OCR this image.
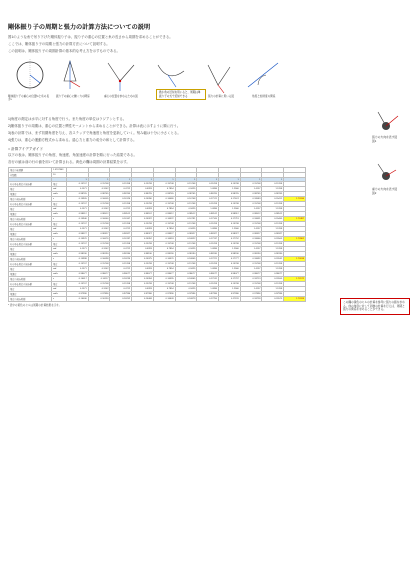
剛体振り子の周期と張力の計算方法についての説明
図1のような糸で吊り下げた剛体振り子は、振り子の重心の位置と糸の長さから周期を求めることができる。
ここでは、剛体振り子の周期と張力の計算方法について説明する。
この説明は、剛体振り子の周期計算の基本的な考え方を示すものである。
剛体振り子の重心の位置Gと糸の長さL
振り子の重心に働く力の関係	重心の位置を求めるための図
微小角の近似を用いると、周期は単振り子の式で近似できる	張力の計算に用いる図	角度と加速度の関係
1)角度の測定は水平に対する角度で行う。また角度の単位はラジアンとする。
2)剛体振り子の周期は、重心の位置と慣性モーメントから求めることができる。計算は表に示すように順に行う。
3)表の計算では、まず初期角度を与え、各ステップで角速度と角度を更新していく。刻み幅は十分に小さくとる。
4)張力は、重心の運動方程式から求める。遠心力と重力の成分の和として計算する。
○ 計算アイデアガイド
以下の表は、剛体振り子の角度、角速度、角加速度の計算を順に行った結果である。
各行の値は前の行の値を用いて計算される。黄色の欄は周期の計算結果を示す。
角度の初期値	1.5707963											
分割数	10											
		1	1	1	1	1	1	1	1	1	1	

あらゆる角度の刻み値	角度	0.15707	0.15708	0.15708	0.15708	0.15708	0.15708	0.15708	0.15708	0.15708	0.15708	
角度	rad	0.1571	0.3142	0.4712	0.6283	0.7854	0.9425	1.0996	1.2566	1.4137	1.5708	
角速度	rad/s	0.98765	0.98765	0.98765	0.98765	0.98765	0.98765	0.98765	0.98765	0.98765	0.98765	
角度の刻み時間	s	0.15905	0.16005	0.16126	0.16280	0.16480	0.16748	0.17121	0.17674	0.18583	0.20412	1.72034

あらゆる角度の刻み値	角度	0.15707	0.15708	0.15708	0.15708	0.15708	0.15708	0.15708	0.15708	0.15708	0.15708	
角度	rad	0.1571	0.3142	0.4712	0.6283	0.7854	0.9425	1.0996	1.2566	1.4137	1.5708	
角速度	rad/s	0.98512	0.98512	0.98512	0.98512	0.98512	0.98512	0.98512	0.98512	0.98512	0.98512	
角度の刻み時間	s	0.15946	0.16046	0.16167	0.16322	0.16522	0.16791	0.17165	0.17719	0.18631	0.20465	1.72487

あらゆる角度の刻み値	角度	0.15707	0.15708	0.15708	0.15708	0.15708	0.15708	0.15708	0.15708	0.15708	0.15708	
角度	rad	0.1571	0.3142	0.4712	0.6283	0.7854	0.9425	1.0996	1.2566	1.4137	1.5708	
角速度	rad/s	0.98327	0.98327	0.98327	0.98327	0.98327	0.98327	0.98327	0.98327	0.98327	0.98327	
角度の刻み時間	s	0.15976	0.16076	0.16197	0.16352	0.16553	0.16822	0.17197	0.17752	0.18666	0.20503	1.72802

あらゆる角度の刻み値	角度	0.15707	0.15708	0.15708	0.15708	0.15708	0.15708	0.15708	0.15708	0.15708	0.15708	
角度	rad	0.1571	0.3142	0.4712	0.6283	0.7854	0.9425	1.0996	1.2566	1.4137	1.5708	
角速度	rad/s	0.98190	0.98190	0.98190	0.98190	0.98190	0.98190	0.98190	0.98190	0.98190	0.98190	
角度の刻み時間	s	0.15998	0.16098	0.16220	0.16375	0.16576	0.16845	0.17221	0.17777	0.18692	0.20532	1.73018

あらゆる角度の刻み値	角度	0.15707	0.15708	0.15708	0.15708	0.15708	0.15708	0.15708	0.15708	0.15708	0.15708	
角度	rad	0.1571	0.3142	0.4712	0.6283	0.7854	0.9425	1.0996	1.2566	1.4137	1.5708	
角速度	rad/s	0.98077	0.98077	0.98077	0.98077	0.98077	0.98077	0.98077	0.98077	0.98077	0.98077	
角度の刻み時間	s	0.16017	0.16117	0.16239	0.16394	0.16595	0.16865	0.17241	0.17797	0.18713	0.20555	1.73172

あらゆる角度の刻み値	角度	0.15707	0.15708	0.15708	0.15708	0.15708	0.15708	0.15708	0.15708	0.15708	0.15708	
角度	rad	0.1571	0.3142	0.4712	0.6283	0.7854	0.9425	1.0996	1.2566	1.4137	1.5708	
角速度	rad/s	0.97996	0.97996	0.97996	0.97996	0.97996	0.97996	0.97996	0.97996	0.97996	0.97996	
角度の刻み時間	s	0.16030	0.16130	0.16252	0.16408	0.16609	0.16879	0.17255	0.17811	0.18728	0.20573	1.73319
* 表中の黄色のセルは周期の計算結果を示す。
張力の方向を表す図
図1
重力の方向を表す図
図2
この欄の黄色のセルの計算を参考に張力の値を求める。他の角度に対して同様の計算を行えば、周期と張力の関係を求めることができる。
